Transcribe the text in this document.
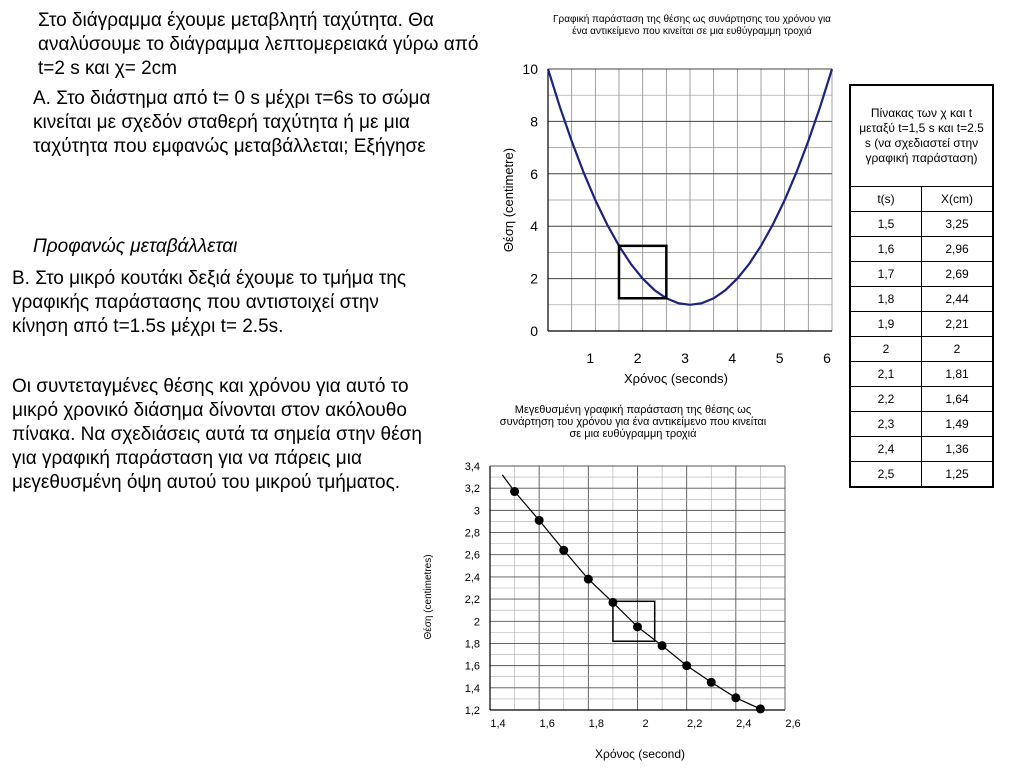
Στο διάγραμμα έχουμε μεταβλητή ταχύτητα. Θα αναλύσουμε το διάγραμμα λεπτομερειακά γύρω από t=2 s και χ= 2cm

Α. Στο διάστημα από t= 0 s μέχρι τ=6s το σώμα κινείται με σχεδόν σταθερή ταχύτητα ή με μια ταχύτητα που εμφανώς μεταβάλλεται; Εξήγησε

Προφανώς μεταβάλλεται

Β. Στο μικρό κουτάκι δεξιά έχουμε το τμήμα της γραφικής παράστασης που αντιστοιχεί στην κίνηση από t=1.5s μέχρι t= 2.5s.

Οι συντεταγμένες θέσης και χρόνου για αυτό το μικρό χρονικό διάσημα δίνονται στον ακόλουθο πίνακα. Να σχεδιάσεις αυτά τα σημεία στην θέση για γραφική παράσταση για να πάρεις μια μεγεθυσμένη όψη αυτού του μικρού τμήματος.

0
2
4
6
8
10
1	2	3	4	5	6
Γραφική παράσταση της θέσης ως συνάρτησης του χρόνου για
ένα αντικείμενο που κινείται σε μια ευθύγραμμη τροχιά
Χρόνος (seconds)
Θέση (centimetre)
1,2
1,4
1,6
1,8
2
2,2
2,4
2,6
2,8
3
3,2
3,4
1,4	1,6	1,8	2	2,2	2,4	2,6
Μεγεθυσμένη γραφική παράσταση της θέσης ως
συνάρτηση του χρόνου για ένα αντικείμενο που κινείται
σε μια ευθύγραμμη τροχιά
Χρόνος (second)
Θέση (centimetres)
Πίνακας των χ και t μεταξύ t=1,5 s και t=2.5 s (να σχεδιαστεί στην γραφική παράσταση)	
t(s)	X(cm)
1,5	3,25
1,6	2,96
1,7	2,69
1,8	2,44
1,9	2,21
2	2
2,1	1,81
2,2	1,64
2,3	1,49
2,4	1,36
2,5	1,25
